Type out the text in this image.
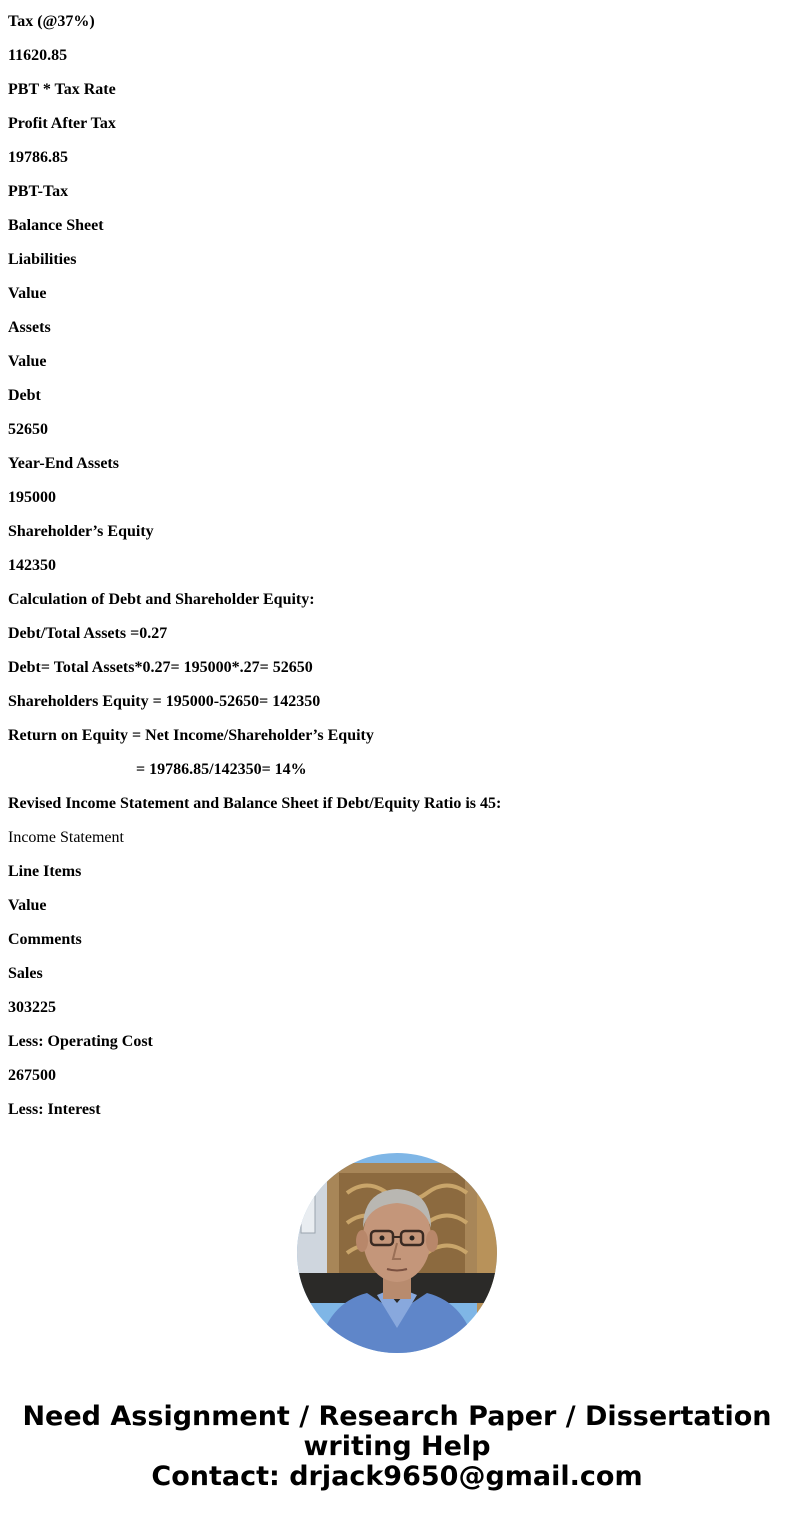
Tax (@37%)
11620.85
PBT * Tax Rate
Profit After Tax
19786.85
PBT-Tax
Balance Sheet
Liabilities
Value
Assets
Value
Debt
52650
Year-End Assets
195000
Shareholder’s Equity
142350
Calculation of Debt and Shareholder Equity:
Debt/Total Assets =0.27
Debt= Total Assets*0.27= 195000*.27= 52650
Shareholders Equity = 195000-52650= 142350
Return on Equity = Net Income/Shareholder’s Equity
= 19786.85/142350= 14%
Revised Income Statement and Balance Sheet if Debt/Equity Ratio is 45:
Income Statement
Line Items
Value
Comments
Sales
303225
Less: Operating Cost
267500
Less: Interest
Need Assignment / Research Paper / Dissertation
writing Help
Contact: drjack9650@gmail.com
